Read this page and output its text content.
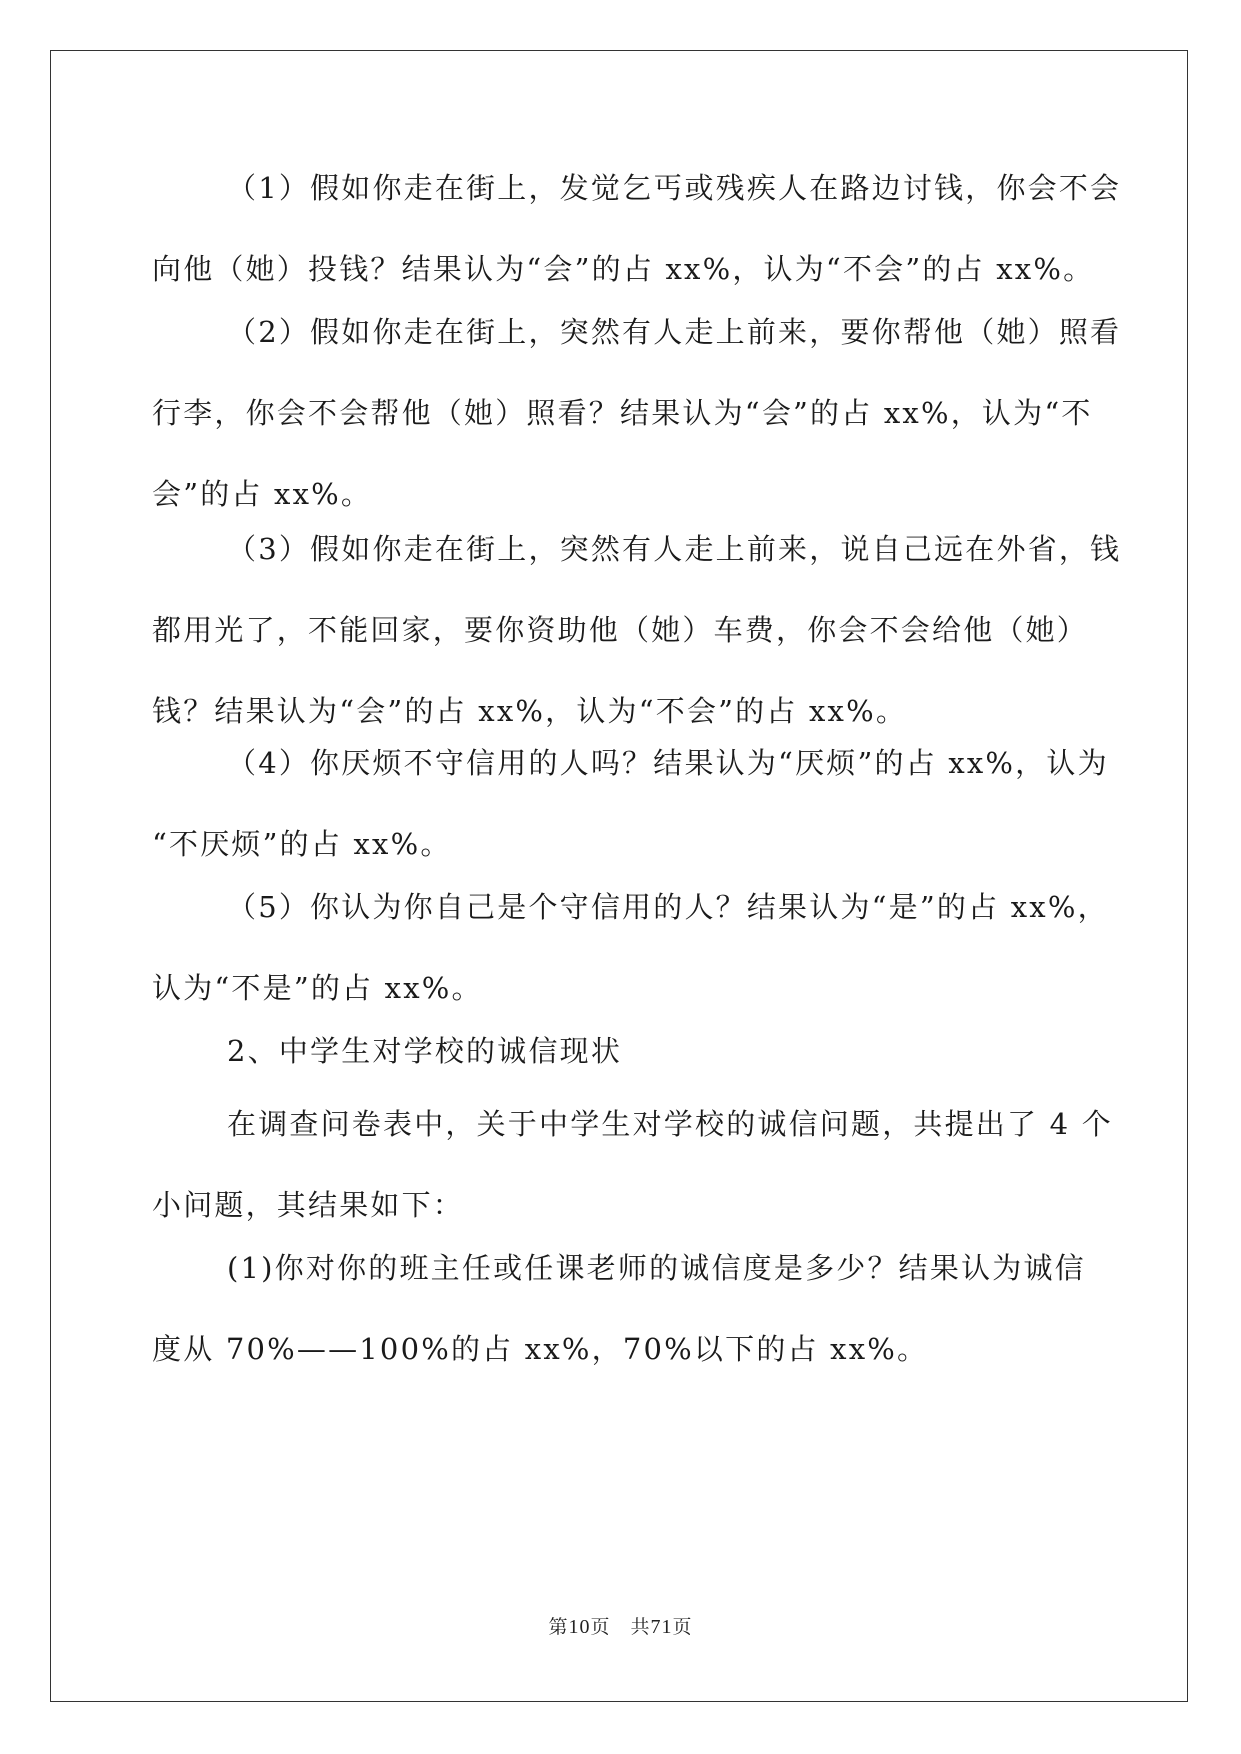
（1）假如你走在街上，发觉乞丐或残疾人在路边讨钱，你会不会
向他（她）投钱？结果认为“会”的占 xx%，认为“不会”的占 xx%。

（2）假如你走在街上，突然有人走上前来，要你帮他（她）照看
行李，你会不会帮他（她）照看？结果认为“会”的占 xx%，认为“不
会”的占 xx%。

（3）假如你走在街上，突然有人走上前来，说自己远在外省，钱
都用光了，不能回家，要你资助他（她）车费，你会不会给他（她）
钱？结果认为“会”的占 xx%，认为“不会”的占 xx%。

（4）你厌烦不守信用的人吗？结果认为“厌烦”的占 xx%，认为
“不厌烦”的占 xx%。

（5）你认为你自己是个守信用的人？结果认为“是”的占 xx%，
认为“不是”的占 xx%。

2、中学生对学校的诚信现状

在调查问卷表中，关于中学生对学校的诚信问题，共提出了 4 个
小问题，其结果如下：

(1)你对你的班主任或任课老师的诚信度是多少？结果认为诚信
度从 70%——100%的占 xx%，70%以下的占 xx%。

第10页　共71页
